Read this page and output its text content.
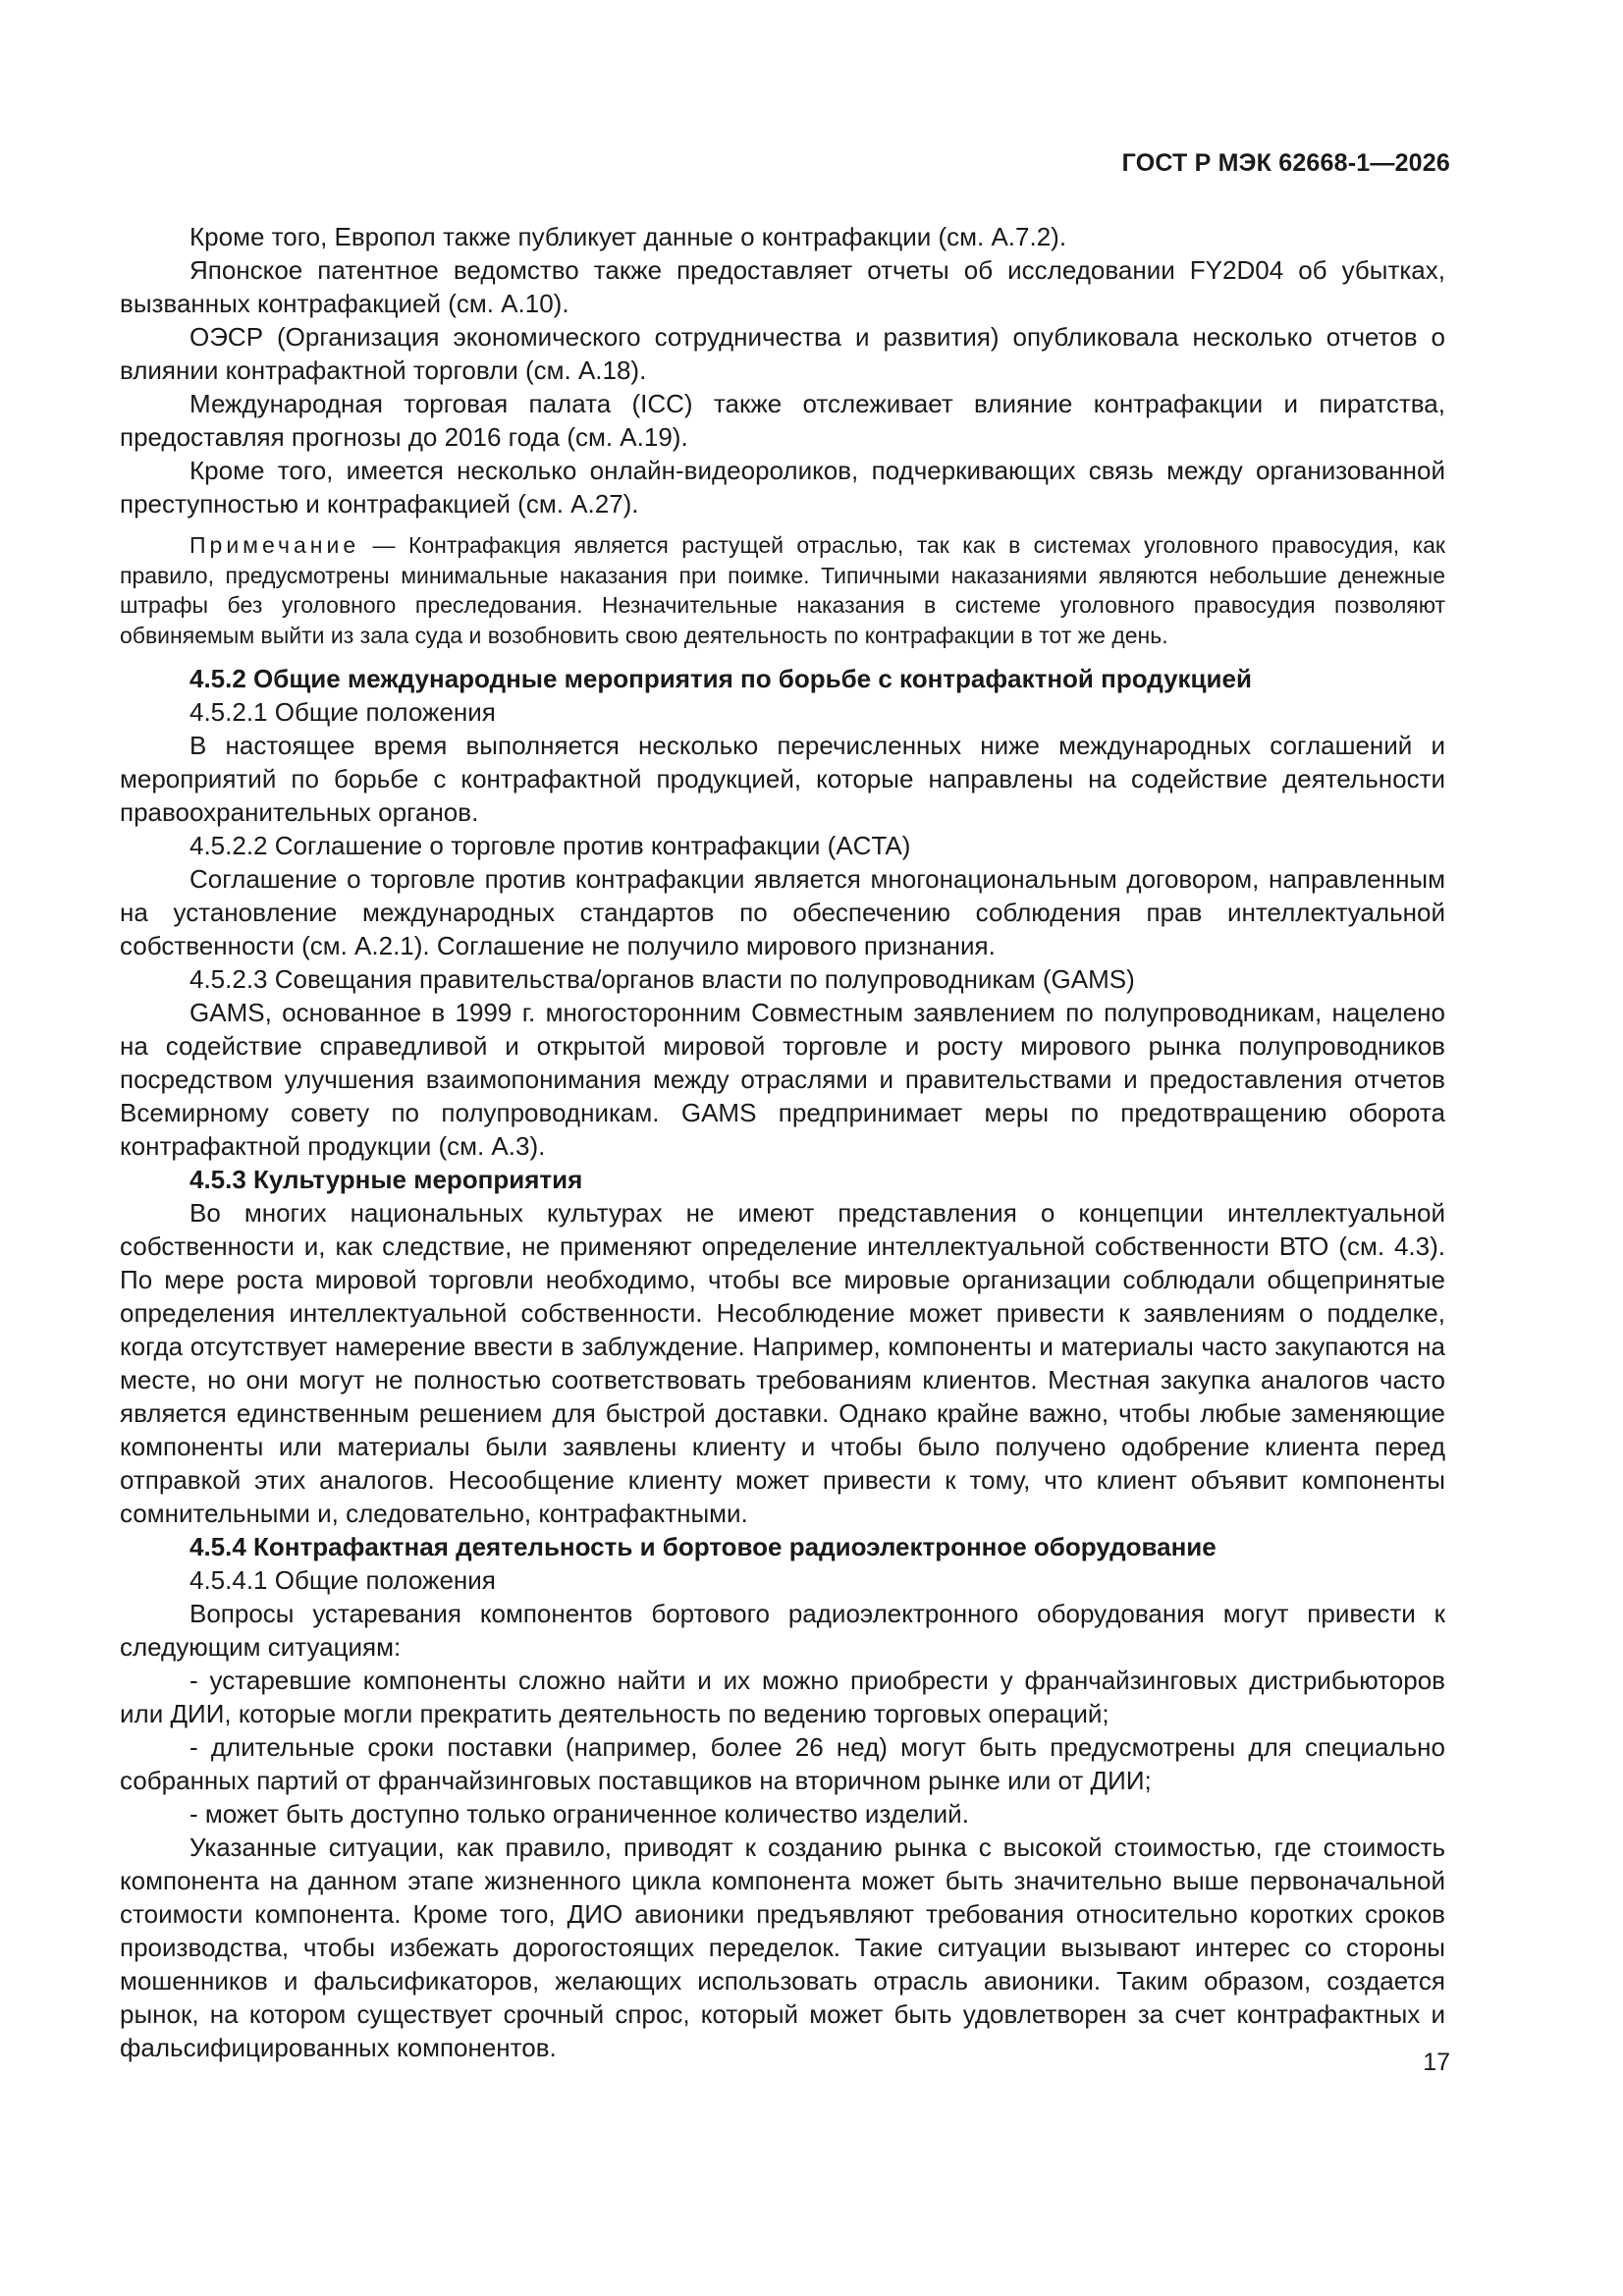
ГОСТ Р МЭК 62668-1—2026

Кроме того, Европол также публикует данные о контрафакции (см. А.7.2).

Японское патентное ведомство также предоставляет отчеты об исследовании FY2D04 об убытках, вызванных контрафакцией (см. А.10).

ОЭСР (Организация экономического сотрудничества и развития) опубликовала несколько отчетов о влиянии контрафактной торговли (см. А.18).

Международная торговая палата (ICC) также отслеживает влияние контрафакции и пиратства, предоставляя прогнозы до 2016 года (см. А.19).

Кроме того, имеется несколько онлайн-видеороликов, подчеркивающих связь между организованной преступностью и контрафакцией (см. А.27).

Примечание — Контрафакция является растущей отраслью, так как в системах уголовного правосудия, как правило, предусмотрены минимальные наказания при поимке. Типичными наказаниями являются небольшие денежные штрафы без уголовного преследования. Незначительные наказания в системе уголовного правосудия позволяют обвиняемым выйти из зала суда и возобновить свою деятельность по контрафакции в тот же день.

4.5.2 Общие международные мероприятия по борьбе с контрафактной продукцией

4.5.2.1 Общие положения

В настоящее время выполняется несколько перечисленных ниже международных соглашений и мероприятий по борьбе с контрафактной продукцией, которые направлены на содействие деятельности правоохранительных органов.

4.5.2.2 Соглашение о торговле против контрафакции (ACTA)

Соглашение о торговле против контрафакции является многонациональным договором, направленным на установление международных стандартов по обеспечению соблюдения прав интеллектуальной собственности (см. А.2.1). Соглашение не получило мирового признания.

4.5.2.3 Совещания правительства/органов власти по полупроводникам (GAMS)

GAMS, основанное в 1999 г. многосторонним Совместным заявлением по полупроводникам, нацелено на содействие справедливой и открытой мировой торговле и росту мирового рынка полупроводников посредством улучшения взаимопонимания между отраслями и правительствами и предоставления отчетов Всемирному совету по полупроводникам. GAMS предпринимает меры по предотвращению оборота контрафактной продукции (см. А.3).

4.5.3 Культурные мероприятия

Во многих национальных культурах не имеют представления о концепции интеллектуальной собственности и, как следствие, не применяют определение интеллектуальной собственности ВТО (см. 4.3). По мере роста мировой торговли необходимо, чтобы все мировые организации соблюдали общепринятые определения интеллектуальной собственности. Несоблюдение может привести к заявлениям о подделке, когда отсутствует намерение ввести в заблуждение. Например, компоненты и материалы часто закупаются на месте, но они могут не полностью соответствовать требованиям клиентов. Местная закупка аналогов часто является единственным решением для быстрой доставки. Однако крайне важно, чтобы любые заменяющие компоненты или материалы были заявлены клиенту и чтобы было получено одобрение клиента перед отправкой этих аналогов. Несообщение клиенту может привести к тому, что клиент объявит компоненты сомнительными и, следовательно, контрафактными.

4.5.4 Контрафактная деятельность и бортовое радиоэлектронное оборудование

4.5.4.1 Общие положения

Вопросы устаревания компонентов бортового радиоэлектронного оборудования могут привести к следующим ситуациям:

- устаревшие компоненты сложно найти и их можно приобрести у франчайзинговых дистрибьюторов или ДИИ, которые могли прекратить деятельность по ведению торговых операций;

- длительные сроки поставки (например, более 26 нед) могут быть предусмотрены для специально собранных партий от франчайзинговых поставщиков на вторичном рынке или от ДИИ;

- может быть доступно только ограниченное количество изделий.

Указанные ситуации, как правило, приводят к созданию рынка с высокой стоимостью, где стоимость компонента на данном этапе жизненного цикла компонента может быть значительно выше первоначальной стоимости компонента. Кроме того, ДИО авионики предъявляют требования относительно коротких сроков производства, чтобы избежать дорогостоящих переделок. Такие ситуации вызывают интерес со стороны мошенников и фальсификаторов, желающих использовать отрасль авионики. Таким образом, создается рынок, на котором существует срочный спрос, который может быть удовлетворен за счет контрафактных и фальсифицированных компонентов.	17
